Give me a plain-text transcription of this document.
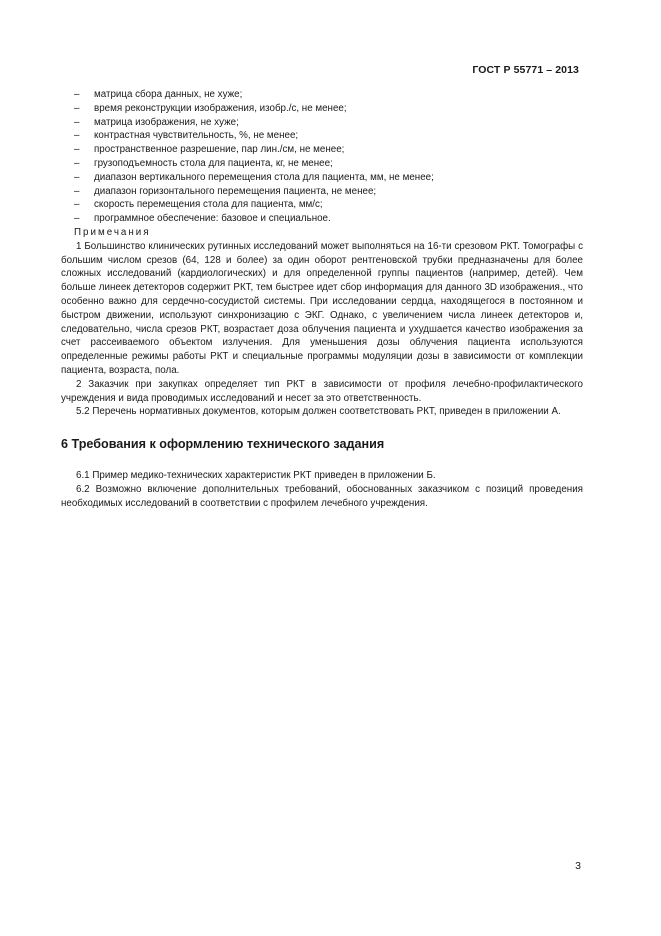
ГОСТ Р 55771 – 2013
– матрица сбора данных, не хуже;
– время реконструкции изображения, изобр./с, не менее;
– матрица изображения, не хуже;
– контрастная чувствительность, %, не менее;
– пространственное разрешение, пар лин./см, не менее;
– грузоподъемность стола для пациента, кг, не менее;
– диапазон вертикального перемещения стола для пациента, мм, не менее;
– диапазон горизонтального перемещения пациента, не менее;
– скорость перемещения стола для пациента, мм/с;
– программное обеспечение: базовое и специальное.
Примечания

1 Большинство клинических рутинных исследований может выполняться на 16-ти срезовом РКТ. Томографы с большим числом срезов (64, 128 и более) за один оборот рентгеновской трубки предназначены для более сложных исследований (кардиологических) и для определенной группы пациентов (например, детей). Чем больше линеек детекторов содержит РКТ, тем быстрее идет сбор информация для данного 3D изображения., что особенно важно для сердечно-сосудистой системы. При исследовании сердца, находящегося в постоянном и быстром движении, используют синхронизацию с ЭКГ. Однако, с увеличением числа линеек детекторов и, следовательно, числа срезов РКТ, возрастает доза облучения пациента и ухудшается качество изображения за счет рассеиваемого объектом излучения. Для уменьшения дозы облучения пациента используются определенные режимы работы РКТ и специальные программы модуляции дозы в зависимости от комплекции пациента, возраста, пола.

2 Заказчик при закупках определяет тип РКТ в зависимости от профиля лечебно-профилактического учреждения и вида проводимых исследований и несет за это ответственность.

5.2 Перечень нормативных документов, которым должен соответствовать РКТ, приведен в приложении А.

6 Требования к оформлению технического задания

6.1 Пример медико-технических характеристик РКТ приведен в приложении Б.

6.2 Возможно включение дополнительных требований, обоснованных заказчиком с позиций проведения необходимых исследований в соответствии с профилем лечебного учреждения.

3
